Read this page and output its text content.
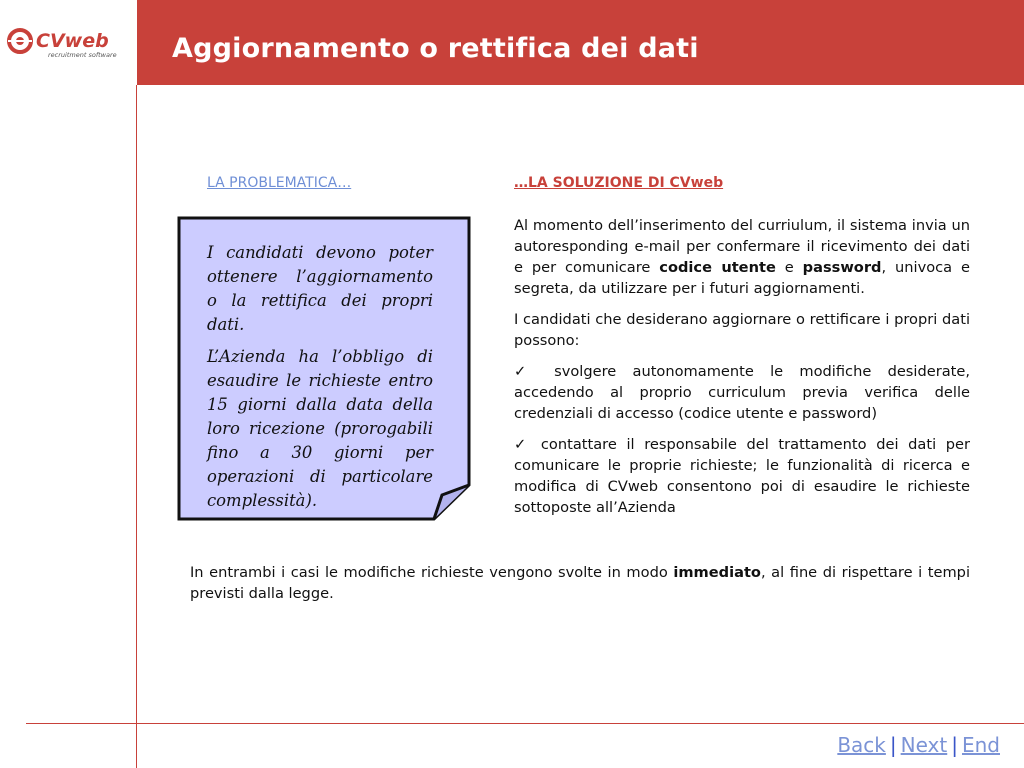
CVweb
recruitment software Aggiornamento o rettifica dei dati
LA PROBLEMATICA…

I candidati devono poter ottenere l’aggiornamento o la rettifica dei propri dati.

L’Azienda ha l’obbligo di esaudire le richieste entro 15 giorni dalla data della loro ricezione (prorogabili fino a 30 giorni per operazioni di particolare complessità).

…LA SOLUZIONE DI CVweb

Al momento dell’inserimento del curriulum, il sistema invia un autoresponding e-mail per confermare il ricevimento dei dati e per comunicare codice utente e password, univoca e segreta, da utilizzare per i futuri aggiornamenti.

I candidati che desiderano aggiornare o rettificare i propri dati possono:

✓ svolgere autonomamente le modifiche desiderate, accedendo al proprio curriculum previa verifica delle credenziali di accesso (codice utente e password)

✓ contattare il responsabile del trattamento dei dati per comunicare le proprie richieste; le funzionalità di ricerca e modifica di CVweb consentono poi di esaudire le richieste sottoposte all’Azienda

In entrambi i casi le modifiche richieste vengono svolte in modo immediato, al fine di rispettare i tempi previsti dalla legge.

Back | Next | End
